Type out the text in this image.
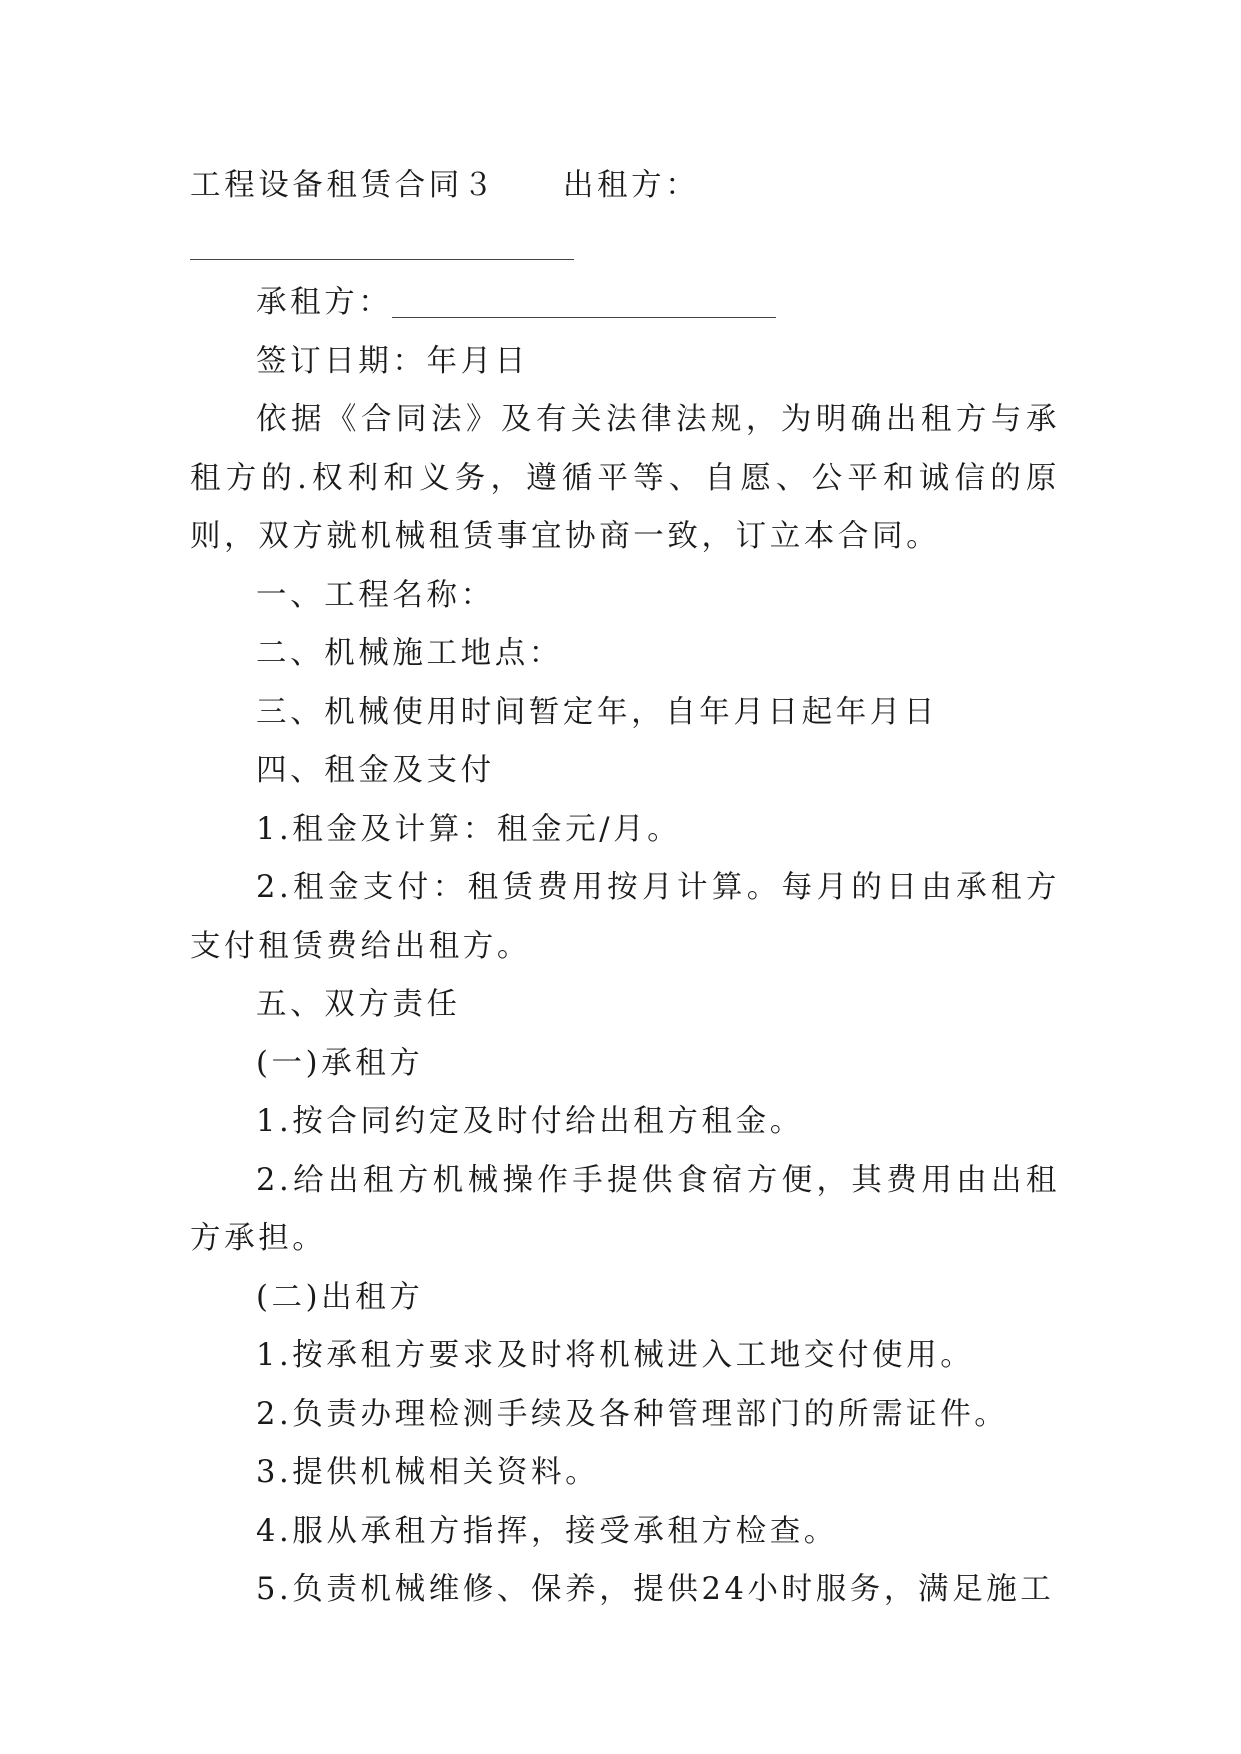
工程设备租赁合同３ 出租方：

承租方：

签订日期：年月日

依据《合同法》及有关法律法规，为明确出租方与承租方的.权利和义务，遵循平等、自愿、公平和诚信的原则，双方就机械租赁事宜协商一致，订立本合同。

一、工程名称：

二、机械施工地点：

三、机械使用时间暂定年，自年月日起年月日

四、租金及支付

1.租金及计算：租金元/月。

2.租金支付：租赁费用按月计算。每月的日由承租方支付租赁费给出租方。

五、双方责任

(一)承租方

1.按合同约定及时付给出租方租金。

2.给出租方机械操作手提供食宿方便，其费用由出租方承担。

(二)出租方

1.按承租方要求及时将机械进入工地交付使用。

2.负责办理检测手续及各种管理部门的所需证件。

3.提供机械相关资料。

4.服从承租方指挥，接受承租方检查。

5.负责机械维修、保养，提供24小时服务，满足施工
